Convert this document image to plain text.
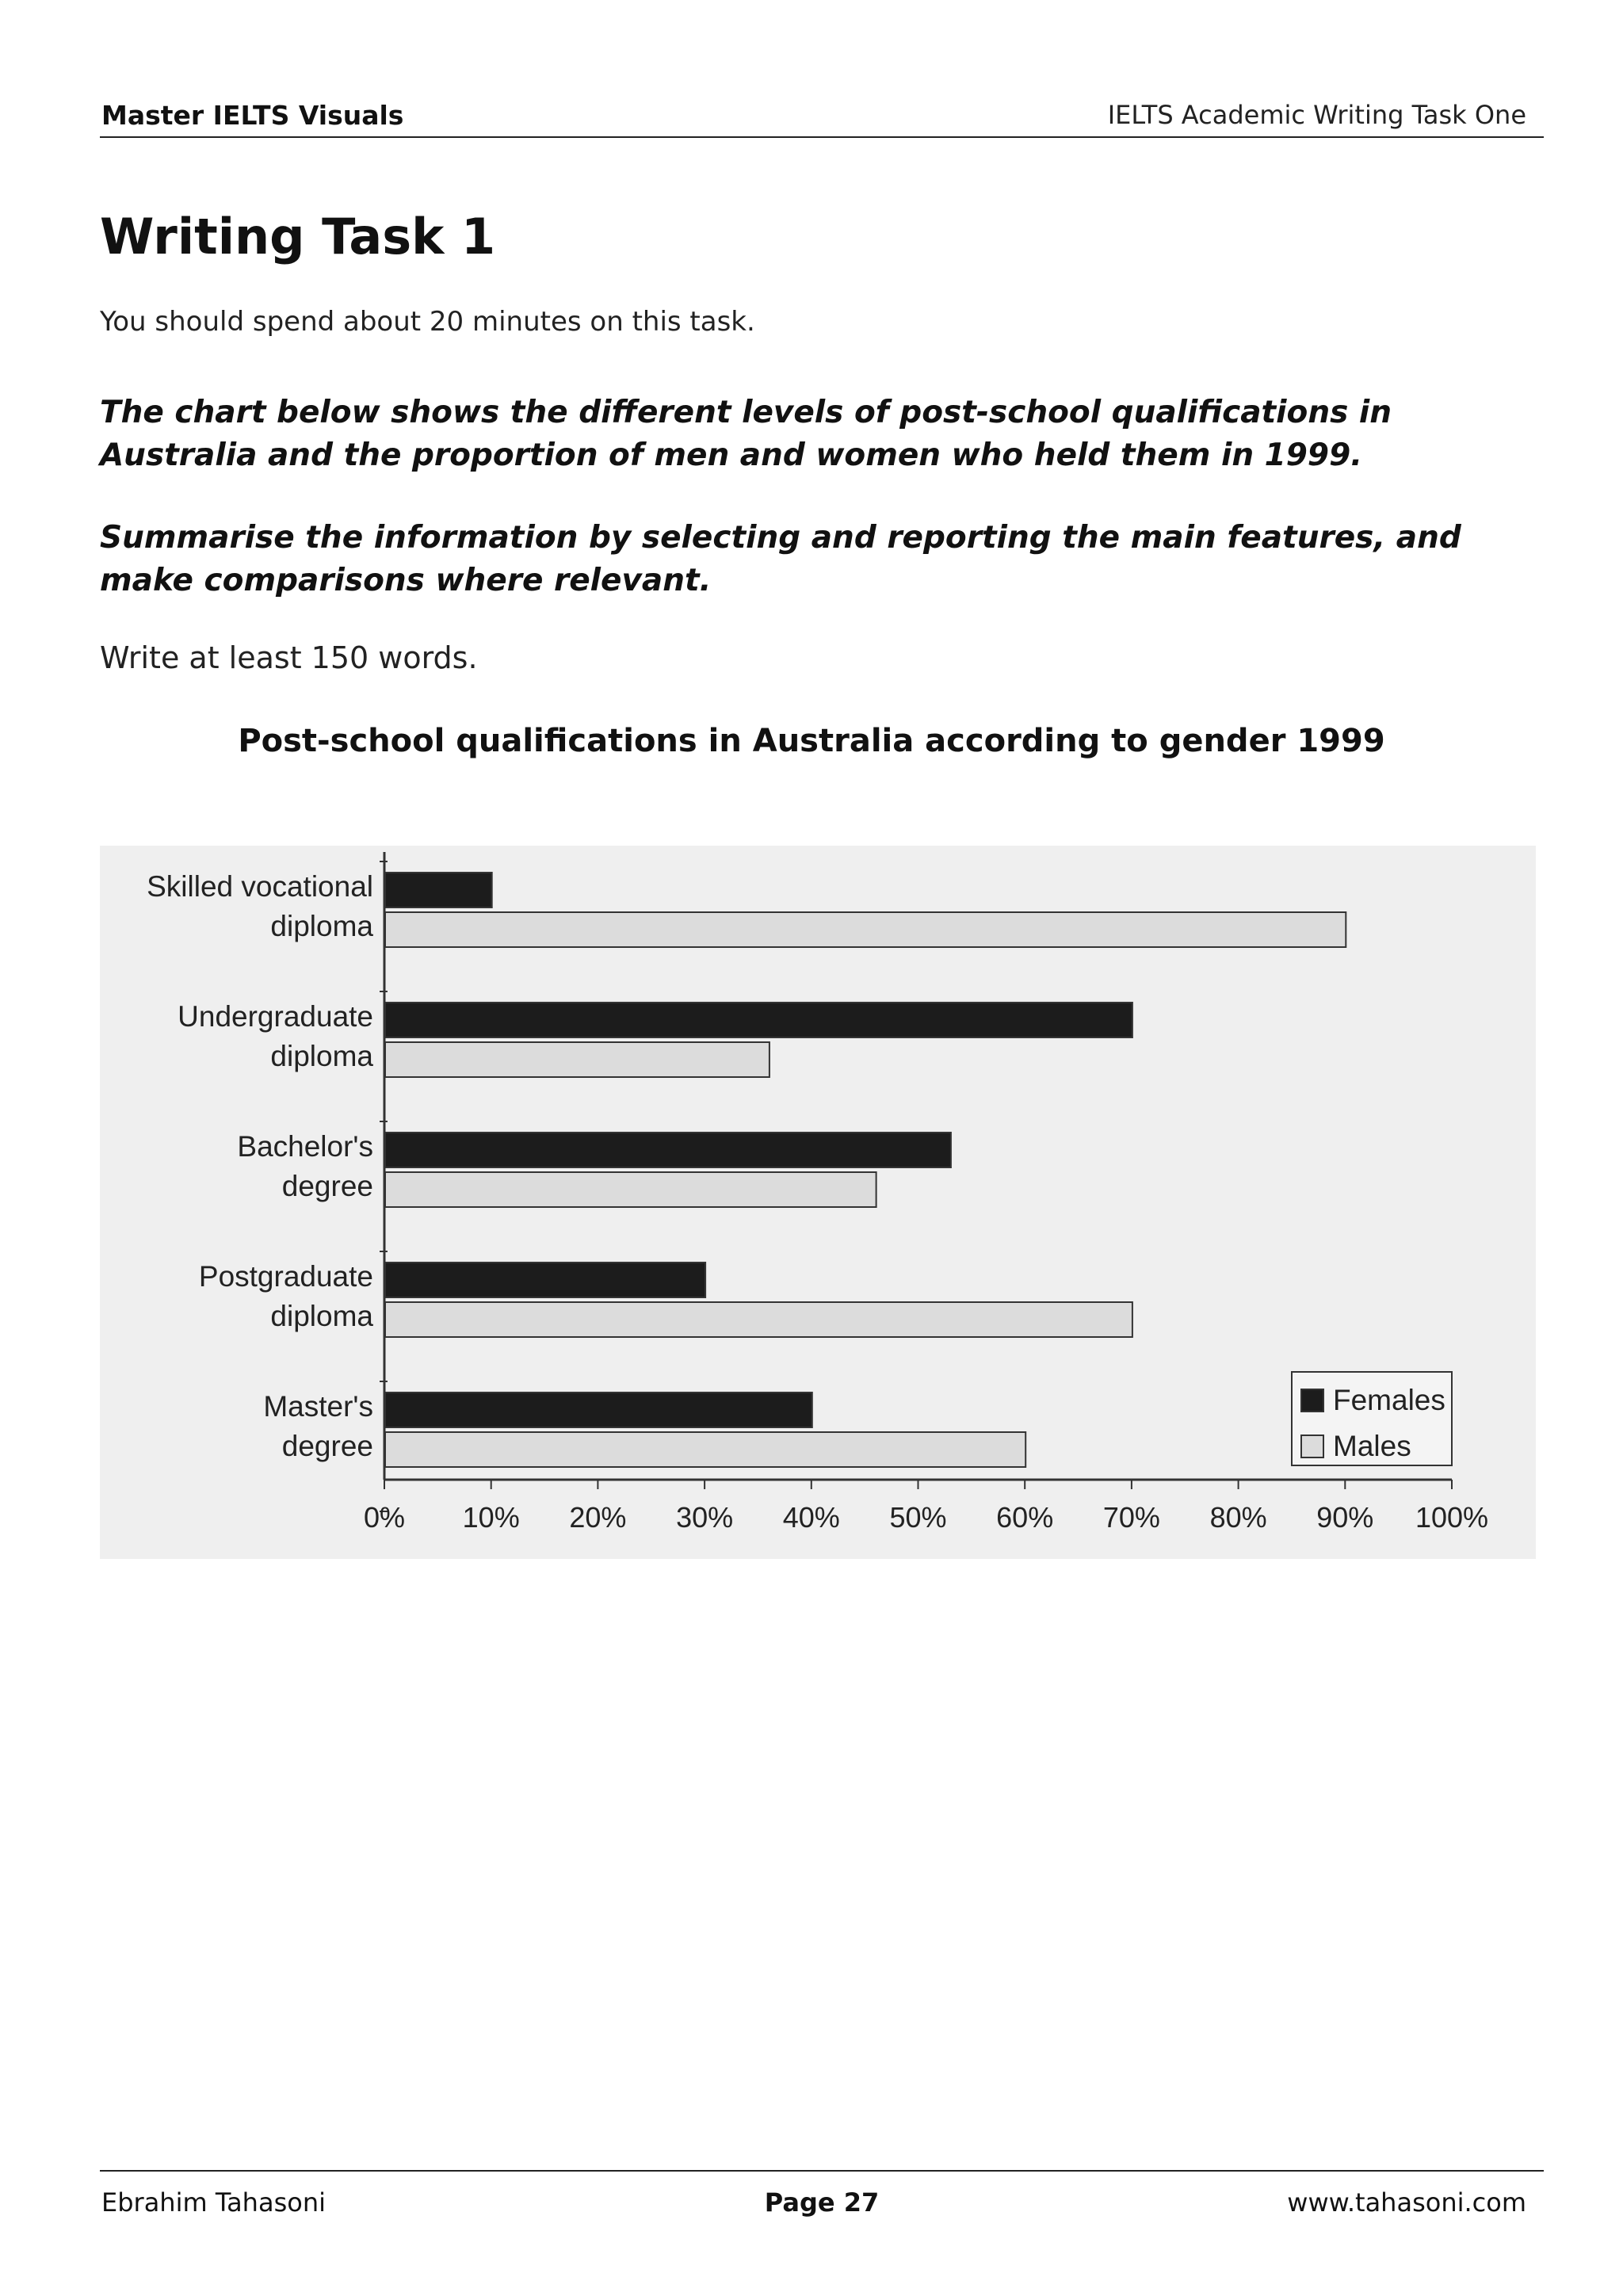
Master IELTS Visuals	IELTS Academic Writing Task One
Writing Task 1

You should spend about 20 minutes on this task.

The chart below shows the different levels of post-school qualifications in Australia and the proportion of men and women who held them in 1999.

Summarise the information by selecting and reporting the main features, and make comparisons where relevant.

Write at least 150 words.

Post-school qualifications in Australia according to gender 1999
Skilled vocational diploma
Undergraduate diploma
Bachelor's degree
Postgraduate diploma
Master's degree
0% 10% 20% 30% 40% 50% 60% 70% 80% 90% 100%
Females
Males
Ebrahim Tahasoni	Page 27	www.tahasoni.com
